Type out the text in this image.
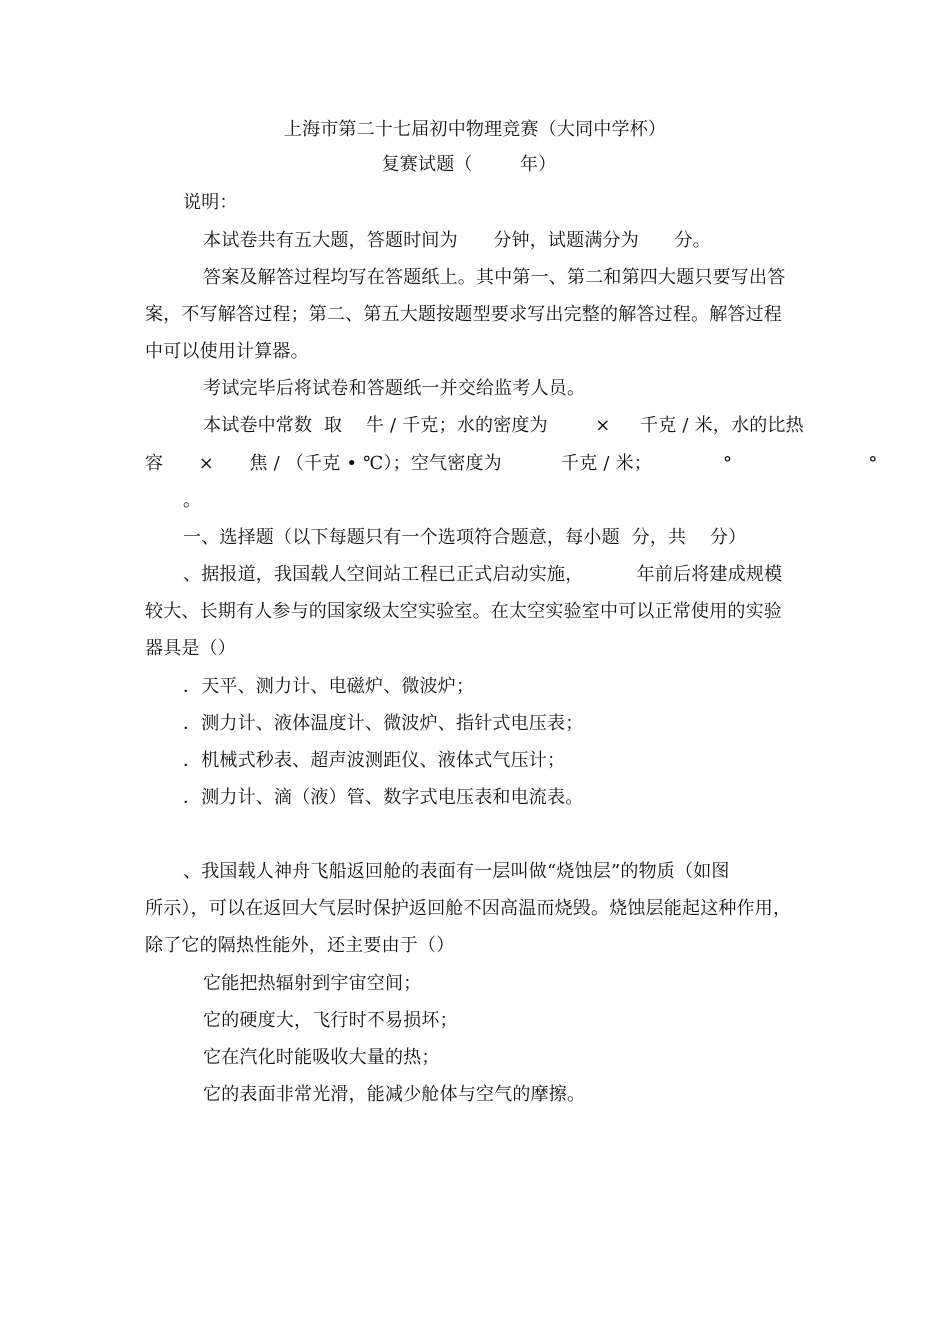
上海市第二十七届初中物理竞赛（大同中学杯）
复赛试题（        年）
说明：
本试卷共有五大题，答题时间为      分钟，试题满分为      分。
答案及解答过程均写在答题纸上。其中第一、第二和第四大题只要写出答
案，不写解答过程；第二、第五大题按题型要求写出完整的解答过程。解答过程
中可以使用计算器。
考试完毕后将试卷和答题纸一并交给监考人员。
本试卷中常数  取    牛 / 千克；水的密度为        ×     千克 / 米，水的比热
容      ×      焦 / （千克 • ℃）；空气密度为          千克 / 米；            °                       °
。
一、选择题（以下每题只有一个选项符合题意，每小题  分，共    分）
、据报道，我国载人空间站工程已正式启动实施，         年前后将建成规模
较大、长期有人参与的国家级太空实验室。在太空实验室中可以正常使用的实验
器具是（）
．天平、测力计、电磁炉、微波炉；
．测力计、液体温度计、微波炉、指针式电压表；
．机械式秒表、超声波测距仪、液体式气压计；
．测力计、滴（液）管、数字式电压表和电流表。
、我国载人神舟飞船返回舱的表面有一层叫做“烧蚀层”的物质（如图
所示），可以在返回大气层时保护返回舱不因高温而烧毁。烧蚀层能起这种作用，
除了它的隔热性能外，还主要由于（）
它能把热辐射到宇宙空间；
它的硬度大，飞行时不易损坏；
它在汽化时能吸收大量的热；
它的表面非常光滑，能减少舱体与空气的摩擦。
